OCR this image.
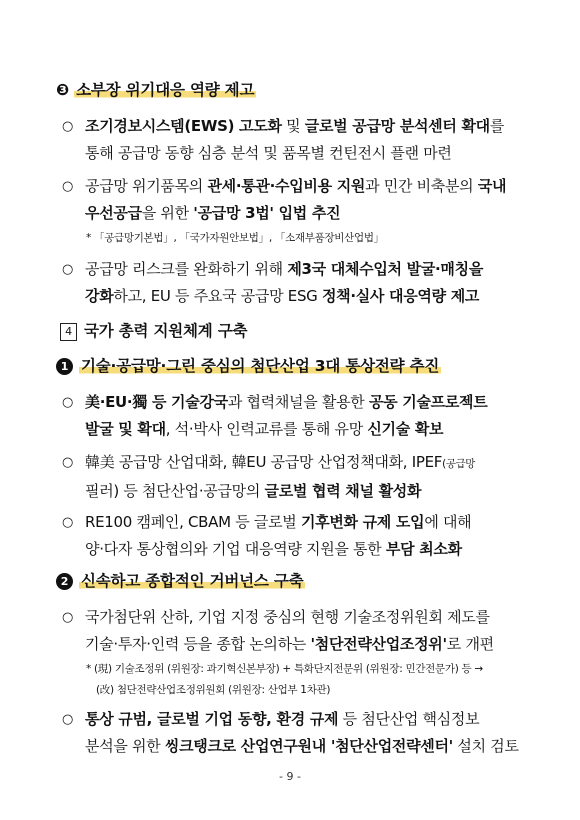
❸ 소부장 위기대응 역량 제고
○ 조기경보시스템(EWS) 고도화 및 글로벌 공급망 분석센터 확대를
통해 공급망 동향 심층 분석 및 품목별 컨틴전시 플랜 마련
○ 공급망 위기품목의 관세·통관·수입비용 지원과 민간 비축분의 국내
우선공급을 위한 '공급망 3법' 입법 추진
* 「공급망기본법」, 「국가자원안보법」, 「소재부품장비산업법」
○ 공급망 리스크를 완화하기 위해 제3국 대체수입처 발굴·매칭을
강화하고, EU 등 주요국 공급망 ESG 정책·실사 대응역량 제고
4 국가 총력 지원체계 구축
1 기술·공급망·그린 중심의 첨단산업 3대 통상전략 추진
○ 美·EU·獨 등 기술강국과 협력채널을 활용한 공동 기술프로젝트
발굴 및 확대, 석·박사 인력교류를 통해 유망 신기술 확보
○ 韓美 공급망 산업대화, 韓EU 공급망 산업정책대화, IPEF(공급망
필러) 등 첨단산업·공급망의 글로벌 협력 채널 활성화
○ RE100 캠페인, CBAM 등 글로벌 기후변화 규제 도입에 대해
양·다자 통상협의와 기업 대응역량 지원을 통한 부담 최소화
2 신속하고 종합적인 거버넌스 구축
○ 국가첨단위 산하, 기업 지정 중심의 현행 기술조정위원회 제도를
기술·투자·인력 등을 종합 논의하는 '첨단전략산업조정위'로 개편
* (現) 기술조정위 (위원장: 과기혁신본부장) + 특화단지전문위 (위원장: 민간전문가) 등 →
(改) 첨단전략산업조정위원회 (위원장: 산업부 1차관)
○ 통상 규범, 글로벌 기업 동향, 환경 규제 등 첨단산업 핵심정보
분석을 위한 씽크탱크로 산업연구원내 '첨단산업전략센터' 설치 검토
- 9 -
